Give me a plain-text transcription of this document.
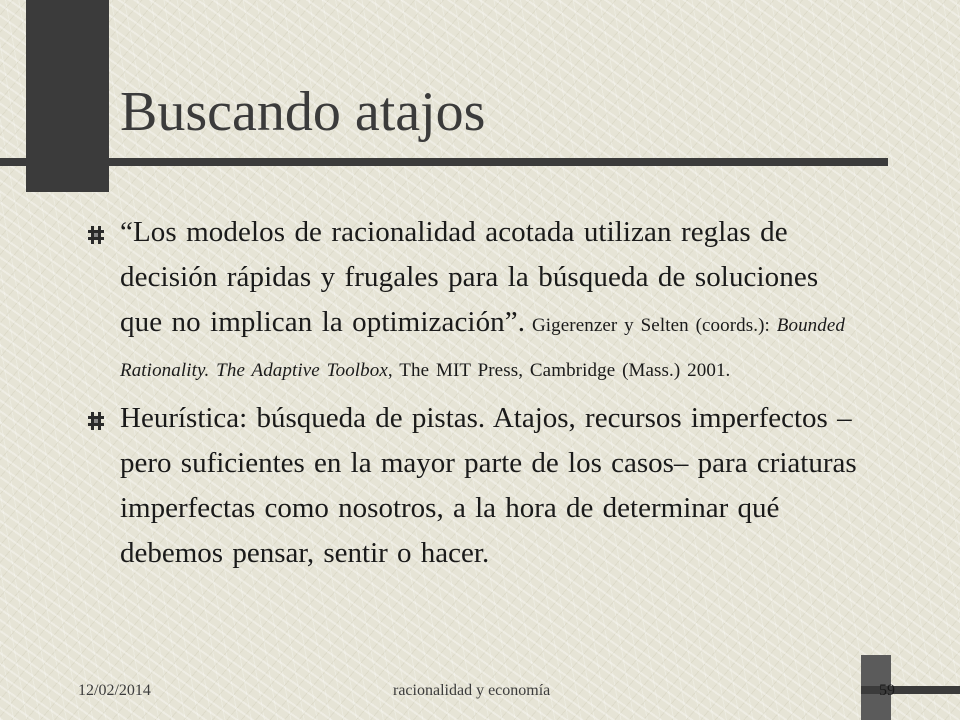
Buscando atajos
“Los modelos de racionalidad acotada utilizan reglas de decisión rápidas y frugales para la búsqueda de soluciones que no implican la optimización”. Gigerenzer y Selten (coords.): Bounded Rationality. The Adaptive Toolbox, The MIT Press, Cambridge (Mass.) 2001.
Heurística: búsqueda de pistas. Atajos, recursos imperfectos –pero suficientes en la mayor parte de los casos– para criaturas imperfectas como nosotros, a la hora de determinar qué debemos pensar, sentir o hacer.
12/02/2014	racionalidad y economía	59
